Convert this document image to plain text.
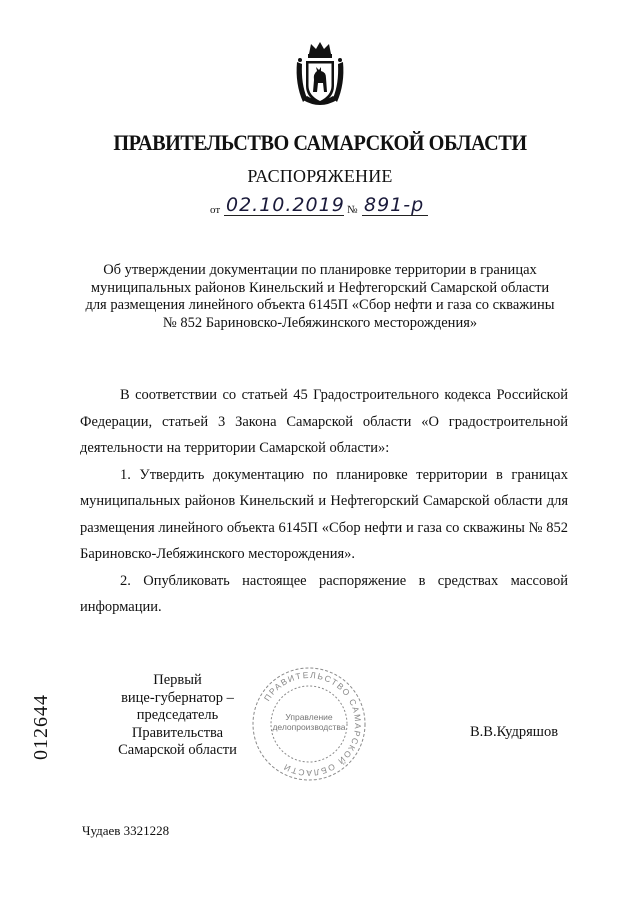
ПРАВИТЕЛЬСТВО САМАРСКОЙ ОБЛАСТИ
РАСПОРЯЖЕНИЕ
от 02.10.2019 № 891-р
Об утверждении документации по планировке территории в границах муниципальных районов Кинельский и Нефтегорский Самарской области для размещения линейного объекта 6145П «Сбор нефти и газа со скважины № 852 Бариновско-Лебяжинского месторождения»

В соответствии со статьей 45 Градостроительного кодекса Российской Федерации, статьей 3 Закона Самарской области «О градостроительной деятельности на территории Самарской области»:

1. Утвердить документацию по планировке территории в границах муниципальных районов Кинельский и Нефтегорский Самарской области для размещения линейного объекта 6145П «Сбор нефти и газа со скважины № 852 Бариновско-Лебяжинского месторождения».

2. Опубликовать настоящее распоряжение в средствах массовой информации.

ПРАВИТЕЛЬСТВО САМАРСКОЙ ОБЛАСТИ
Управление
делопроизводства
Первый
вице-губернатор –
председатель Правительства
Самарской области
В.В.Кудряшов
012644
Чудаев 3321228
